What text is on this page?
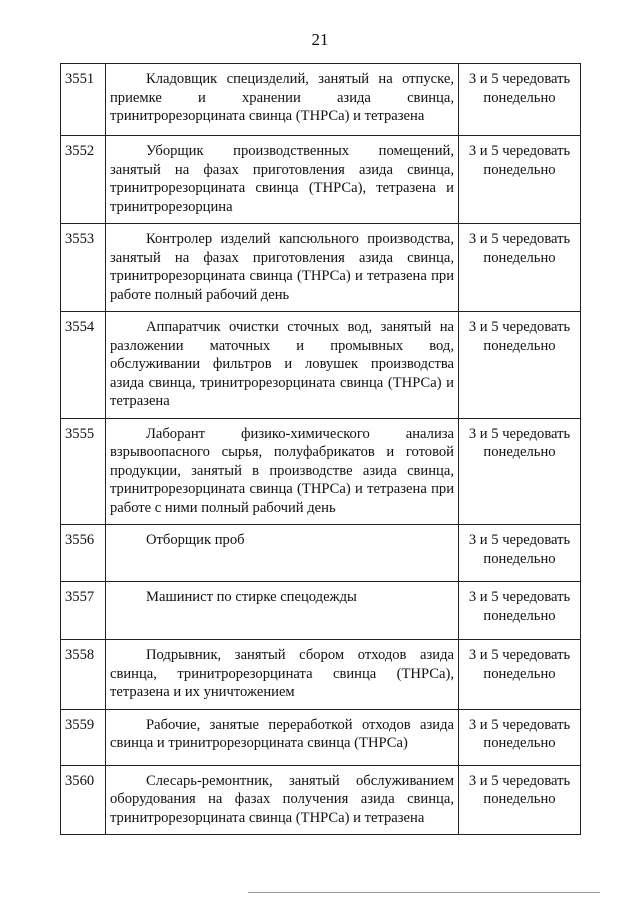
21
3551	Кладовщик специзделий, занятый на отпуске, приемке и хранении азида свинца, тринитрорезорцината свинца (ТНРСа) и тетразена	3 и 5 чередовать
понедельно

3552	Уборщик производственных помещений, занятый на фазах приготовления азида свинца, тринитрорезорцината свинца (ТНРСа), тетразена и тринитрорезорцина	3 и 5 чередовать
понедельно

3553	Контролер изделий капсюльного производства, занятый на фазах приготовления азида свинца, тринитрорезорцината свинца (ТНРСа) и тетразена при работе полный рабочий день	3 и 5 чередовать
понедельно

3554	Аппаратчик очистки сточных вод, занятый на разложении маточных и промывных вод, обслуживании фильтров и ловушек производства азида свинца, тринитрорезорцината свинца (ТНРСа) и тетразена	3 и 5 чередовать
понедельно

3555	Лаборант физико-химического анализа взрывоопасного сырья, полуфабрикатов и готовой продукции, занятый в производстве азида свинца, тринитрорезорцината свинца (ТНРСа) и тетразена при работе с ними полный рабочий день	3 и 5 чередовать
понедельно

3556	Отборщик проб	3 и 5 чередовать
понедельно

3557	Машинист по стирке спецодежды	3 и 5 чередовать
понедельно

3558	Подрывник, занятый сбором отходов азида свинца, тринитрорезорцината свинца (ТНРСа), тетразена и их уничтожением	3 и 5 чередовать
понедельно

3559	Рабочие, занятые переработкой отходов азида свинца и тринитрорезорцината свинца (ТНРСа)	3 и 5 чередовать
понедельно

3560	Слесарь-ремонтник, занятый обслуживанием оборудования на фазах получения азида свинца, тринитрорезорцината свинца (ТНРСа) и тетразена	3 и 5 чередовать
понедельно
